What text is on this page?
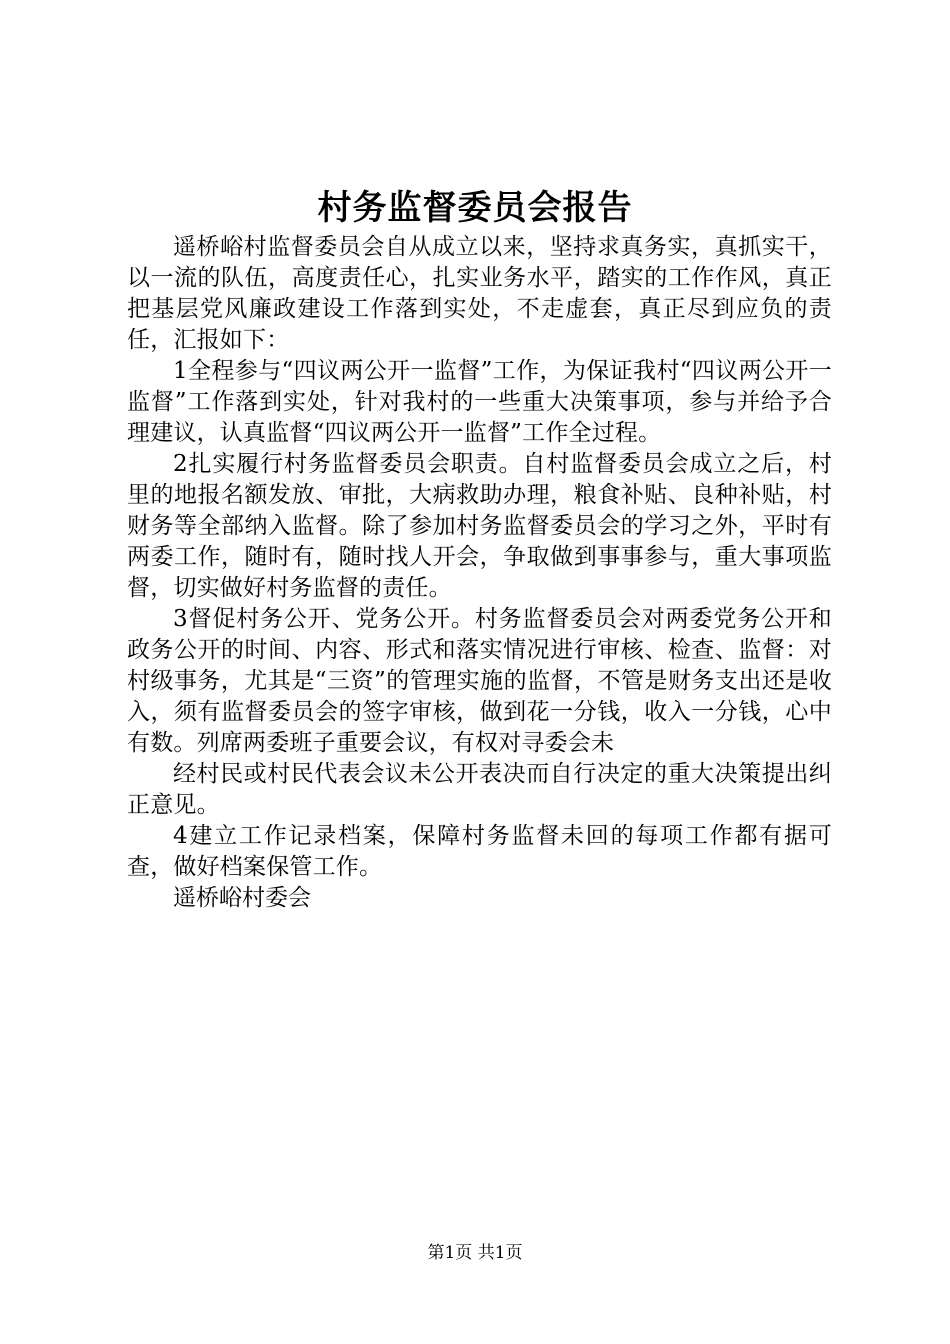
村务监督委员会报告

遥桥峪村监督委员会自从成立以来，坚持求真务实，真抓实干，以一流的队伍，高度责任心，扎实业务水平，踏实的工作作风，真正把基层党风廉政建设工作落到实处，不走虚套，真正尽到应负的责任，汇报如下：

1全程参与“四议两公开一监督”工作，为保证我村“四议两公开一监督”工作落到实处，针对我村的一些重大决策事项，参与并给予合理建议，认真监督“四议两公开一监督”工作全过程。

2扎实履行村务监督委员会职责。自村监督委员会成立之后，村里的地报名额发放、审批，大病救助办理，粮食补贴、良种补贴，村财务等全部纳入监督。除了参加村务监督委员会的学习之外，平时有两委工作，随时有，随时找人开会，争取做到事事参与，重大事项监督，切实做好村务监督的责任。

3督促村务公开、党务公开。村务监督委员会对两委党务公开和政务公开的时间、内容、形式和落实情况进行审核、检查、监督：对村级事务，尤其是“三资”的管理实施的监督，不管是财务支出还是收入，须有监督委员会的签字审核，做到花一分钱，收入一分钱，心中有数。列席两委班子重要会议，有权对寻委会未

经村民或村民代表会议未公开表决而自行决定的重大决策提出纠正意见。

4建立工作记录档案，保障村务监督未回的每项工作都有据可查，做好档案保管工作。

遥桥峪村委会
第1页 共1页
